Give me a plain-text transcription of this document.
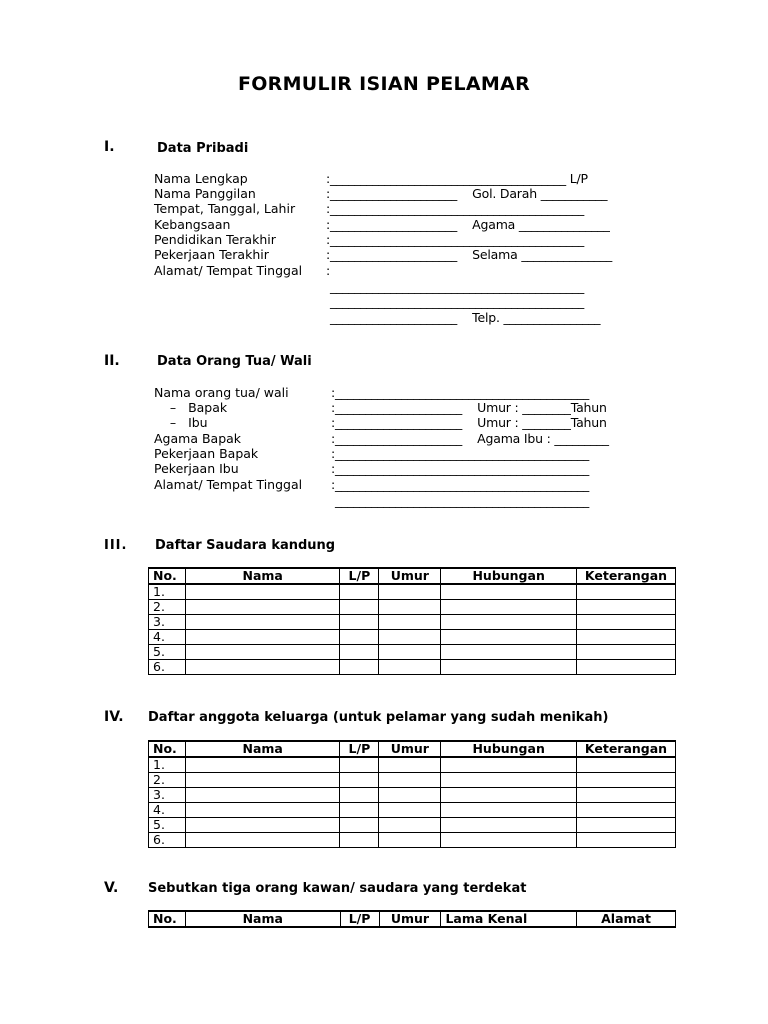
FORMULIR ISIAN PELAMAR
I.	Data Pribadi
Nama Lengkap	:_______________________________________ L/P
Nama Panggilan	:_____________________    Gol. Darah ___________
Tempat, Tanggal, Lahir :__________________________________________
Kebangsaan	:_____________________    Agama _______________
Pendidikan Terakhir	:__________________________________________
Pekerjaan Terakhir	:_____________________    Selama _______________
Alamat/ Tempat Tinggal :
__________________________________________
__________________________________________
_____________________    Telp. ________________
II.	Data Orang Tua/ Wali
Nama orang tua/ wali	:__________________________________________
–   Bapak	:_____________________    Umur : ________Tahun
–   Ibu	:_____________________    Umur : ________Tahun
Agama Bapak	:_____________________    Agama Ibu : _________
Pekerjaan Bapak	:__________________________________________
Pekerjaan Ibu	:__________________________________________
Alamat/ Tempat Tinggal :__________________________________________
__________________________________________
III. Daftar Saudara kandung
No.	Nama	L/P	Umur	Hubungan	Keterangan
1.					
2.					
3.					
4.					
5.					
6.					
IV. Daftar anggota keluarga (untuk pelamar yang sudah menikah)
No.	Nama	L/P	Umur	Hubungan	Keterangan
1.					
2.					
3.					
4.					
5.					
6.					
V. Sebutkan tiga orang kawan/ saudara yang terdekat
No.	Nama	L/P	Umur	Lama Kenal	Alamat
